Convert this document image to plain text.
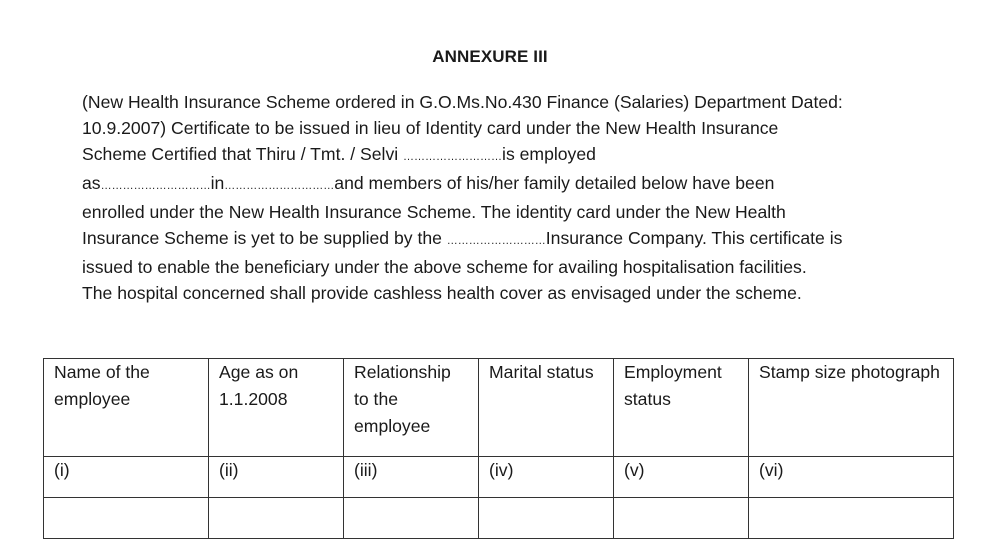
ANNEXURE III
(New Health Insurance Scheme ordered in G.O.Ms.No.430 Finance (Salaries) Department Dated:
10.9.2007) Certificate to be issued in lieu of Identity card under the New Health Insurance
Scheme Certified that Thiru / Tmt. / Selvi ………………………is employed
as…………………………in…………………………and members of his/her family detailed below have been
enrolled under the New Health Insurance Scheme. The identity card under the New Health
Insurance Scheme is yet to be supplied by the ………………………Insurance Company. This certificate is
issued to enable the beneficiary under the above scheme for availing hospitalisation facilities.
The hospital concerned shall provide cashless health cover as envisaged under the scheme.
Name of the employee	Age as on 1.1.2008	Relationship to the employee	Marital status	Employment status	Stamp size photograph
(i)	(ii)	(iii)	(iv)	(v)	(vi)
